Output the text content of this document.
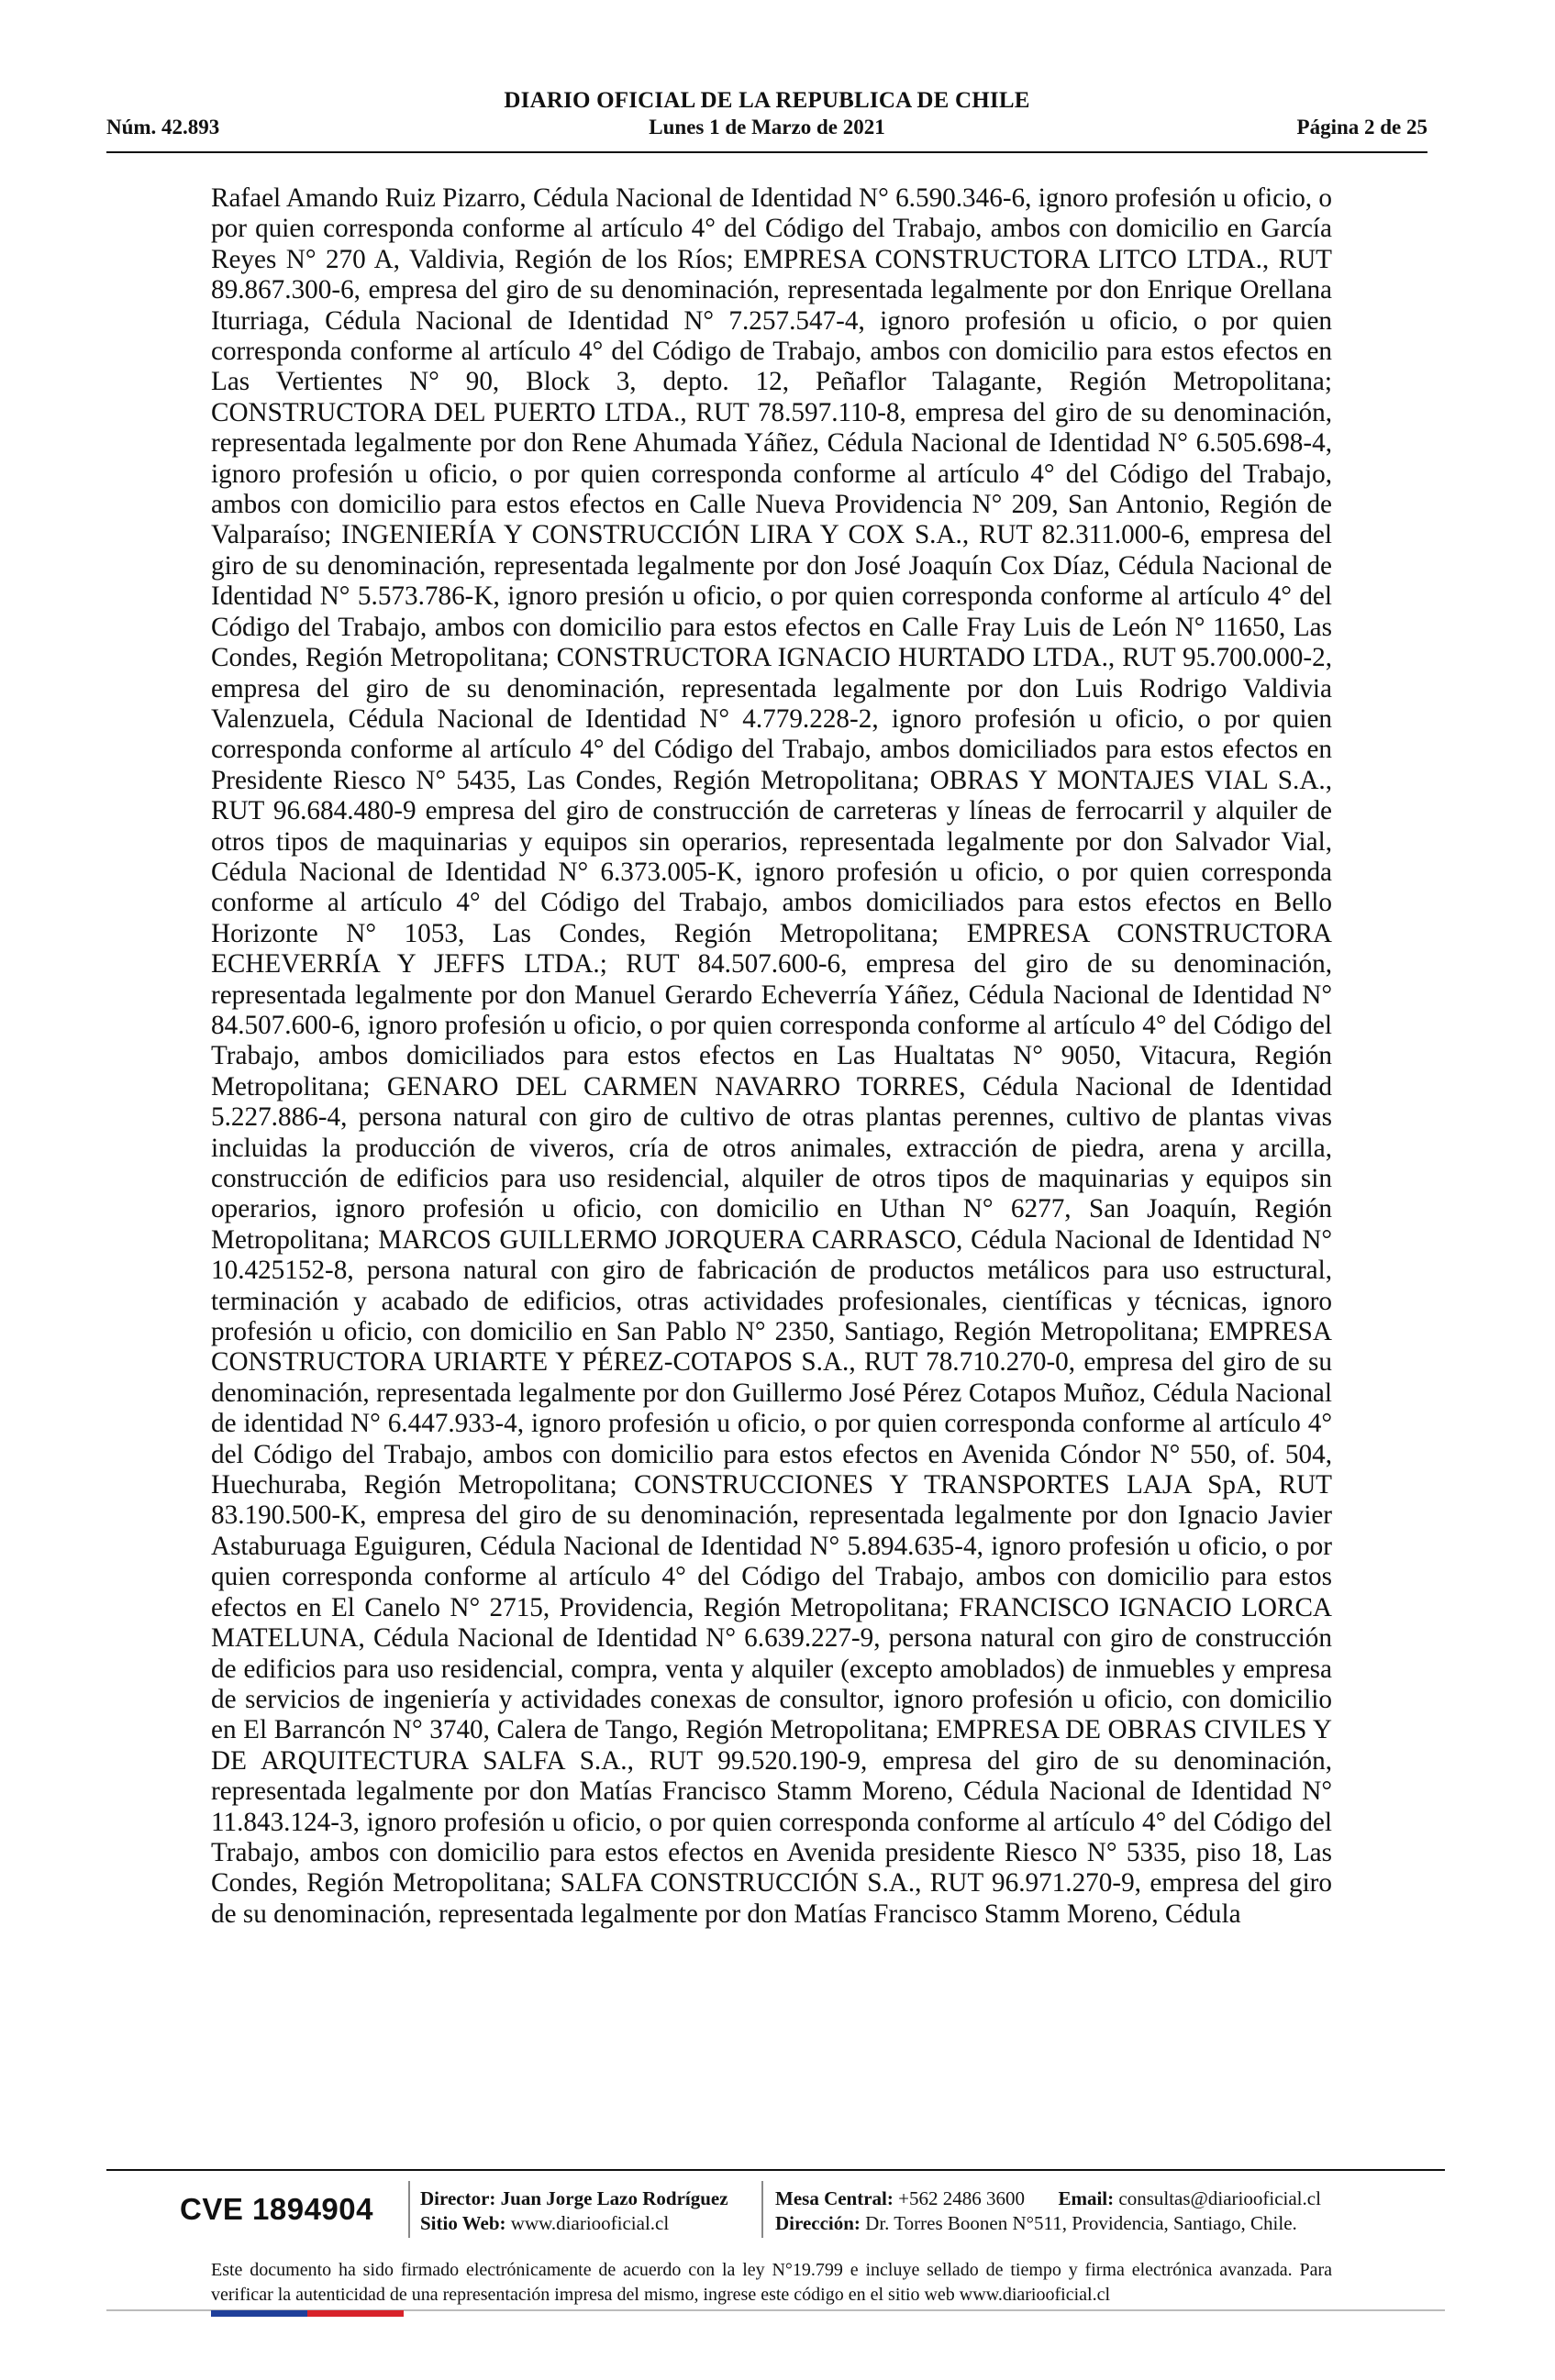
DIARIO OFICIAL DE LA REPUBLICA DE CHILE
Núm. 42.893	Lunes 1 de Marzo de 2021	Página 2 de 25
Rafael Amando Ruiz Pizarro, Cédula Nacional de Identidad N° 6.590.346-6, ignoro profesión u oficio, o por quien corresponda conforme al artículo 4° del Código del Trabajo, ambos con domicilio en García Reyes N° 270 A, Valdivia, Región de los Ríos; EMPRESA CONSTRUCTORA LITCO LTDA., RUT 89.867.300-6, empresa del giro de su denominación, representada legalmente por don Enrique Orellana Iturriaga, Cédula Nacional de Identidad N° 7.257.547-4, ignoro profesión u oficio, o por quien corresponda conforme al artículo 4° del Código de Trabajo, ambos con domicilio para estos efectos en Las Vertientes N° 90, Block 3, depto. 12, Peñaflor Talagante, Región Metropolitana; CONSTRUCTORA DEL PUERTO LTDA., RUT 78.597.110-8, empresa del giro de su denominación, representada legalmente por don Rene Ahumada Yáñez, Cédula Nacional de Identidad N° 6.505.698-4, ignoro profesión u oficio, o por quien corresponda conforme al artículo 4° del Código del Trabajo, ambos con domicilio para estos efectos en Calle Nueva Providencia N° 209, San Antonio, Región de Valparaíso; INGENIERÍA Y CONSTRUCCIÓN LIRA Y COX S.A., RUT 82.311.000-6, empresa del giro de su denominación, representada legalmente por don José Joaquín Cox Díaz, Cédula Nacional de Identidad N° 5.573.786-K, ignoro presión u oficio, o por quien corresponda conforme al artículo 4° del Código del Trabajo, ambos con domicilio para estos efectos en Calle Fray Luis de León N° 11650, Las Condes, Región Metropolitana; CONSTRUCTORA IGNACIO HURTADO LTDA., RUT 95.700.000-2, empresa del giro de su denominación, representada legalmente por don Luis Rodrigo Valdivia Valenzuela, Cédula Nacional de Identidad N° 4.779.228-2, ignoro profesión u oficio, o por quien corresponda conforme al artículo 4° del Código del Trabajo, ambos domiciliados para estos efectos en Presidente Riesco N° 5435, Las Condes, Región Metropolitana; OBRAS Y MONTAJES VIAL S.A., RUT 96.684.480-9 empresa del giro de construcción de carreteras y líneas de ferrocarril y alquiler de otros tipos de maquinarias y equipos sin operarios, representada legalmente por don Salvador Vial, Cédula Nacional de Identidad N° 6.373.005-K, ignoro profesión u oficio, o por quien corresponda conforme al artículo 4° del Código del Trabajo, ambos domiciliados para estos efectos en Bello Horizonte N° 1053, Las Condes, Región Metropolitana; EMPRESA CONSTRUCTORA ECHEVERRÍA Y JEFFS LTDA.; RUT 84.507.600-6, empresa del giro de su denominación, representada legalmente por don Manuel Gerardo Echeverría Yáñez, Cédula Nacional de Identidad N° 84.507.600-6, ignoro profesión u oficio, o por quien corresponda conforme al artículo 4° del Código del Trabajo, ambos domiciliados para estos efectos en Las Hualtatas N° 9050, Vitacura, Región Metropolitana; GENARO DEL CARMEN NAVARRO TORRES, Cédula Nacional de Identidad 5.227.886-4, persona natural con giro de cultivo de otras plantas perennes, cultivo de plantas vivas incluidas la producción de viveros, cría de otros animales, extracción de piedra, arena y arcilla, construcción de edificios para uso residencial, alquiler de otros tipos de maquinarias y equipos sin operarios, ignoro profesión u oficio, con domicilio en Uthan N° 6277, San Joaquín, Región Metropolitana; MARCOS GUILLERMO JORQUERA CARRASCO, Cédula Nacional de Identidad N° 10.425152-8, persona natural con giro de fabricación de productos metálicos para uso estructural, terminación y acabado de edificios, otras actividades profesionales, científicas y técnicas, ignoro profesión u oficio, con domicilio en San Pablo N° 2350, Santiago, Región Metropolitana; EMPRESA CONSTRUCTORA URIARTE Y PÉREZ-COTAPOS S.A., RUT 78.710.270-0, empresa del giro de su denominación, representada legalmente por don Guillermo José Pérez Cotapos Muñoz, Cédula Nacional de identidad N° 6.447.933-4, ignoro profesión u oficio, o por quien corresponda conforme al artículo 4° del Código del Trabajo, ambos con domicilio para estos efectos en Avenida Cóndor N° 550, of. 504, Huechuraba, Región Metropolitana; CONSTRUCCIONES Y TRANSPORTES LAJA SpA, RUT 83.190.500-K, empresa del giro de su denominación, representada legalmente por don Ignacio Javier Astaburuaga Eguiguren, Cédula Nacional de Identidad N° 5.894.635-4, ignoro profesión u oficio, o por quien corresponda conforme al artículo 4° del Código del Trabajo, ambos con domicilio para estos efectos en El Canelo N° 2715, Providencia, Región Metropolitana; FRANCISCO IGNACIO LORCA MATELUNA, Cédula Nacional de Identidad N° 6.639.227-9, persona natural con giro de construcción de edificios para uso residencial, compra, venta y alquiler (excepto amoblados) de inmuebles y empresa de servicios de ingeniería y actividades conexas de consultor, ignoro profesión u oficio, con domicilio en El Barrancón N° 3740, Calera de Tango, Región Metropolitana; EMPRESA DE OBRAS CIVILES Y DE ARQUITECTURA SALFA S.A., RUT 99.520.190-9, empresa del giro de su denominación, representada legalmente por don Matías Francisco Stamm Moreno, Cédula Nacional de Identidad N° 11.843.124-3, ignoro profesión u oficio, o por quien corresponda conforme al artículo 4° del Código del Trabajo, ambos con domicilio para estos efectos en Avenida presidente Riesco N° 5335, piso 18, Las Condes, Región Metropolitana; SALFA CONSTRUCCIÓN S.A., RUT 96.971.270-9, empresa del giro de su denominación, representada legalmente por don Matías Francisco Stamm Moreno, Cédula
CVE 1894904 Director: Juan Jorge Lazo Rodríguez
Sitio Web: www.diariooficial.cl
Mesa Central: +562 2486 3600 Email: consultas@diariooficial.cl
Dirección: Dr. Torres Boonen N°511, Providencia, Santiago, Chile.
Este documento ha sido firmado electrónicamente de acuerdo con la ley N°19.799 e incluye sellado de tiempo y firma electrónica avanzada. Para verificar la autenticidad de una representación impresa del mismo, ingrese este código en el sitio web www.diariooficial.cl
